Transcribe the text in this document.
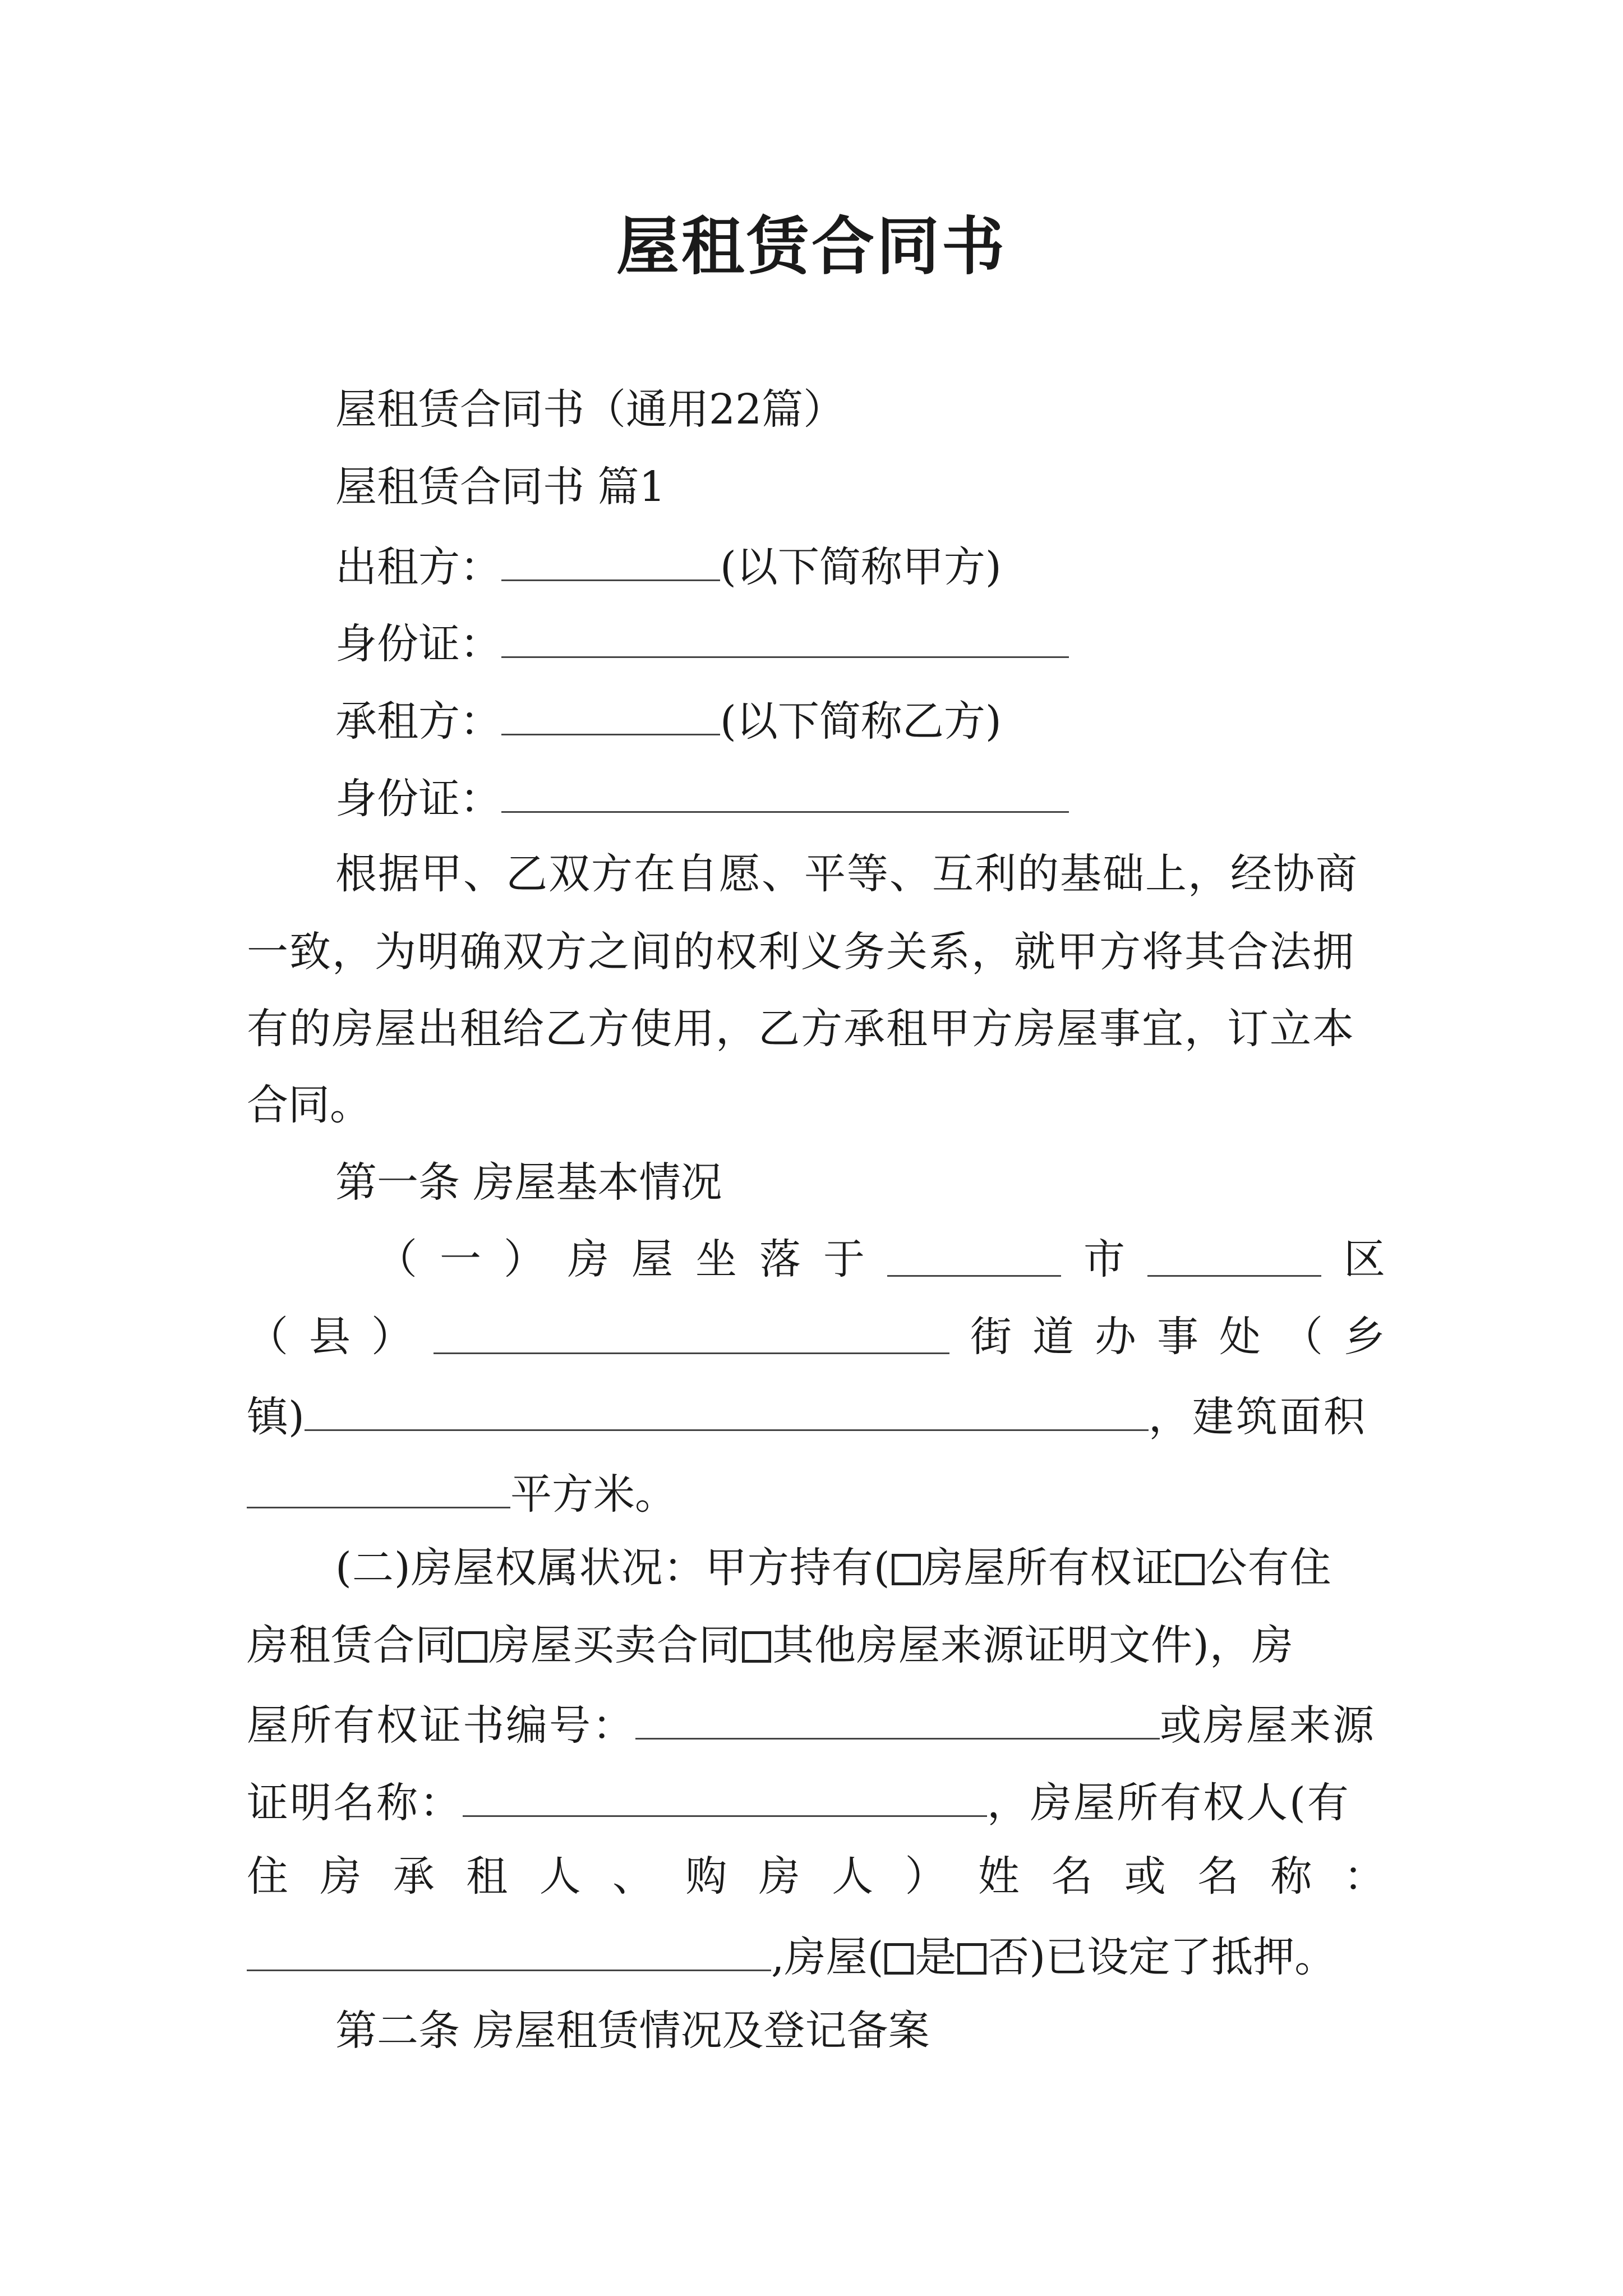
屋租赁合同书
屋租赁合同书（通用22篇）
屋租赁合同书 篇1
出租方：	(以下简称甲方)
身份证：
承租方：	(以下简称乙方)
身份证：
根据甲、乙双方在自愿、平等、互利的基础上，经协商
一致，为明确双方之间的权利义务关系，就甲方将其合法拥
有的房屋出租给乙方使用，乙方承租甲方房屋事宜，订立本
合同。
第一条 房屋基本情况
（ 一 ） 房 屋 坐 落 于	市	区
（ 县 ）	街 道 办 事 处 （ 乡
镇)	，建筑面积
平方米。
(二)房屋权属状况：甲方持有( 房屋所有权证 公有住
房租赁合同 房屋买卖合同 其他房屋来源证明文件)，房
屋所有权证书编号：	或房屋来源
证明名称：	，房屋所有权人(有
住 房 承 租 人 、 购 房 人 ） 姓 名 或 名 称 ：
,房屋( 是 否)已设定了抵押。
第二条 房屋租赁情况及登记备案
